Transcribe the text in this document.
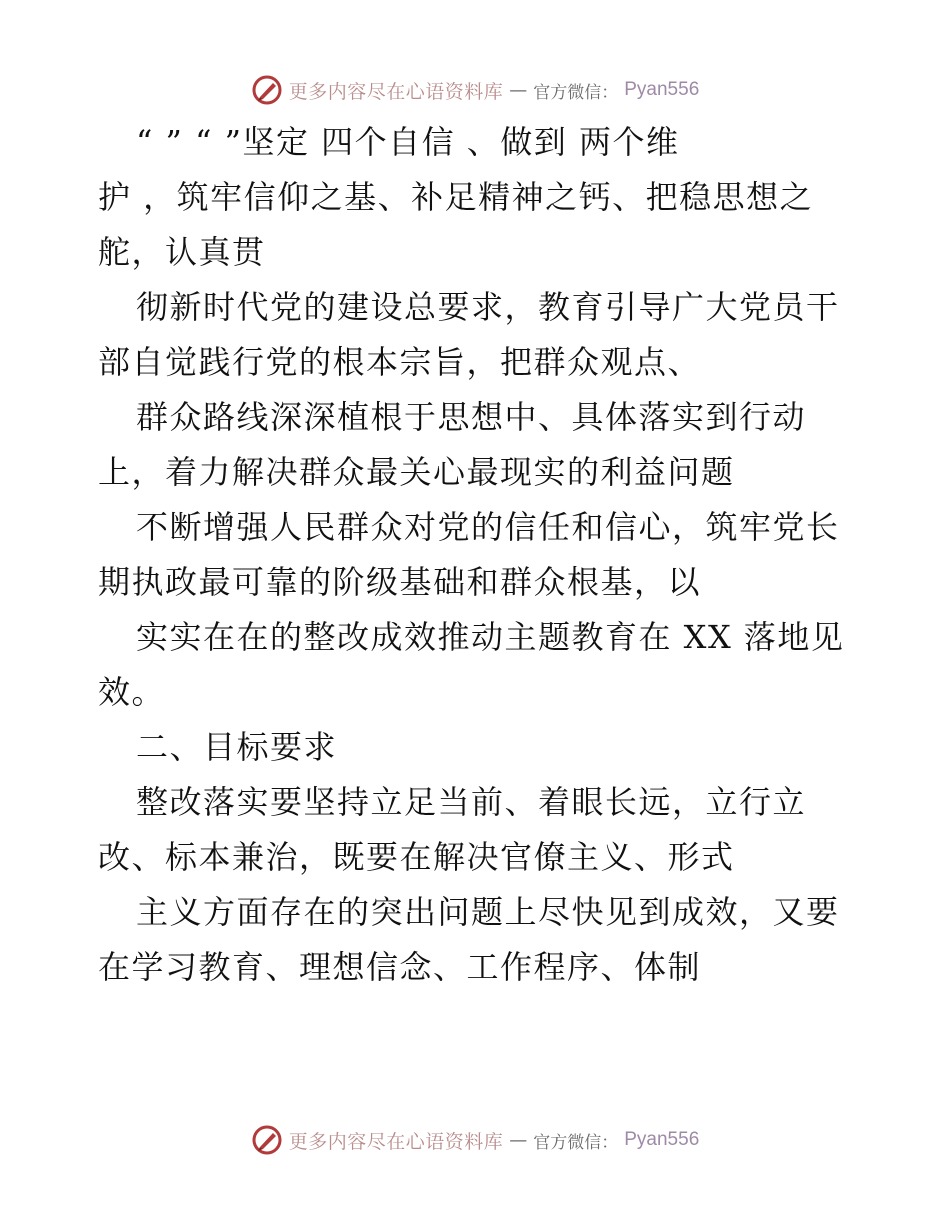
更多内容尽在心语资料库 — 官方微信： Pyan556
“ ” “ ”坚定 四个自信 、做到 两个维
护 ，筑牢信仰之基、补足精神之钙、把稳思想之
舵，认真贯
彻新时代党的建设总要求，教育引导广大党员干
部自觉践行党的根本宗旨，把群众观点、
群众路线深深植根于思想中、具体落实到行动
上，着力解决群众最关心最现实的利益问题
不断增强人民群众对党的信任和信心，筑牢党长
期执政最可靠的阶级基础和群众根基，以
实实在在的整改成效推动主题教育在 XX 落地见
效。
二、目标要求
整改落实要坚持立足当前、着眼长远，立行立
改、标本兼治，既要在解决官僚主义、形式
主义方面存在的突出问题上尽快见到成效，又要
在学习教育、理想信念、工作程序、体制
更多内容尽在心语资料库 — 官方微信： Pyan556
